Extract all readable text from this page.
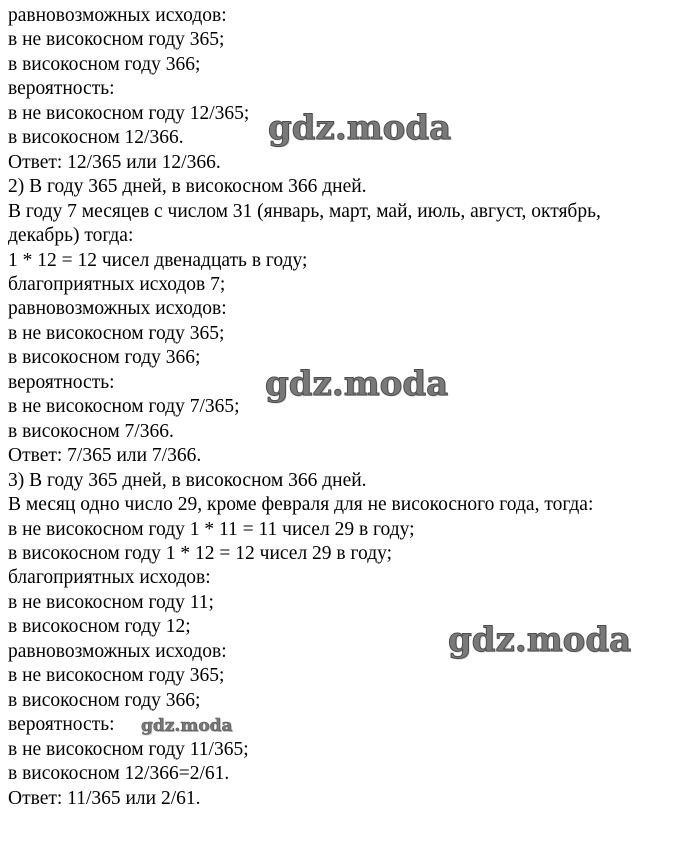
равновозможных исходов:
в не високосном году 365;
в високосном году 366;
вероятность:
в не високосном году 12/365;
в високосном 12/366.
Ответ: 12/365 или 12/366.
2) В году 365 дней, в високосном 366 дней.
В году 7 месяцев с числом 31 (январь, март, май, июль, август, октябрь, декабрь) тогда:
1 * 12 = 12 чисел двенадцать в году;
благоприятных исходов 7;
равновозможных исходов:
в не високосном году 365;
в високосном году 366;
вероятность:
в не високосном году 7/365;
в високосном 7/366.
Ответ: 7/365 или 7/366.
3) В году 365 дней, в високосном 366 дней.
В месяц одно число 29, кроме февраля для не високосного года, тогда:
в не високосном году 1 * 11 = 11 чисел 29 в году;
в високосном году 1 * 12 = 12 чисел 29 в году;
благоприятных исходов:
в не високосном году 11;
в високосном году 12;
равновозможных исходов:
в не високосном году 365;
в високосном году 366;
вероятность:
в не високосном году 11/365;
в високосном 12/366=2/61.
Ответ: 11/365 или 2/61.
gdz.moda
gdz.moda
gdz.moda
gdz.moda
